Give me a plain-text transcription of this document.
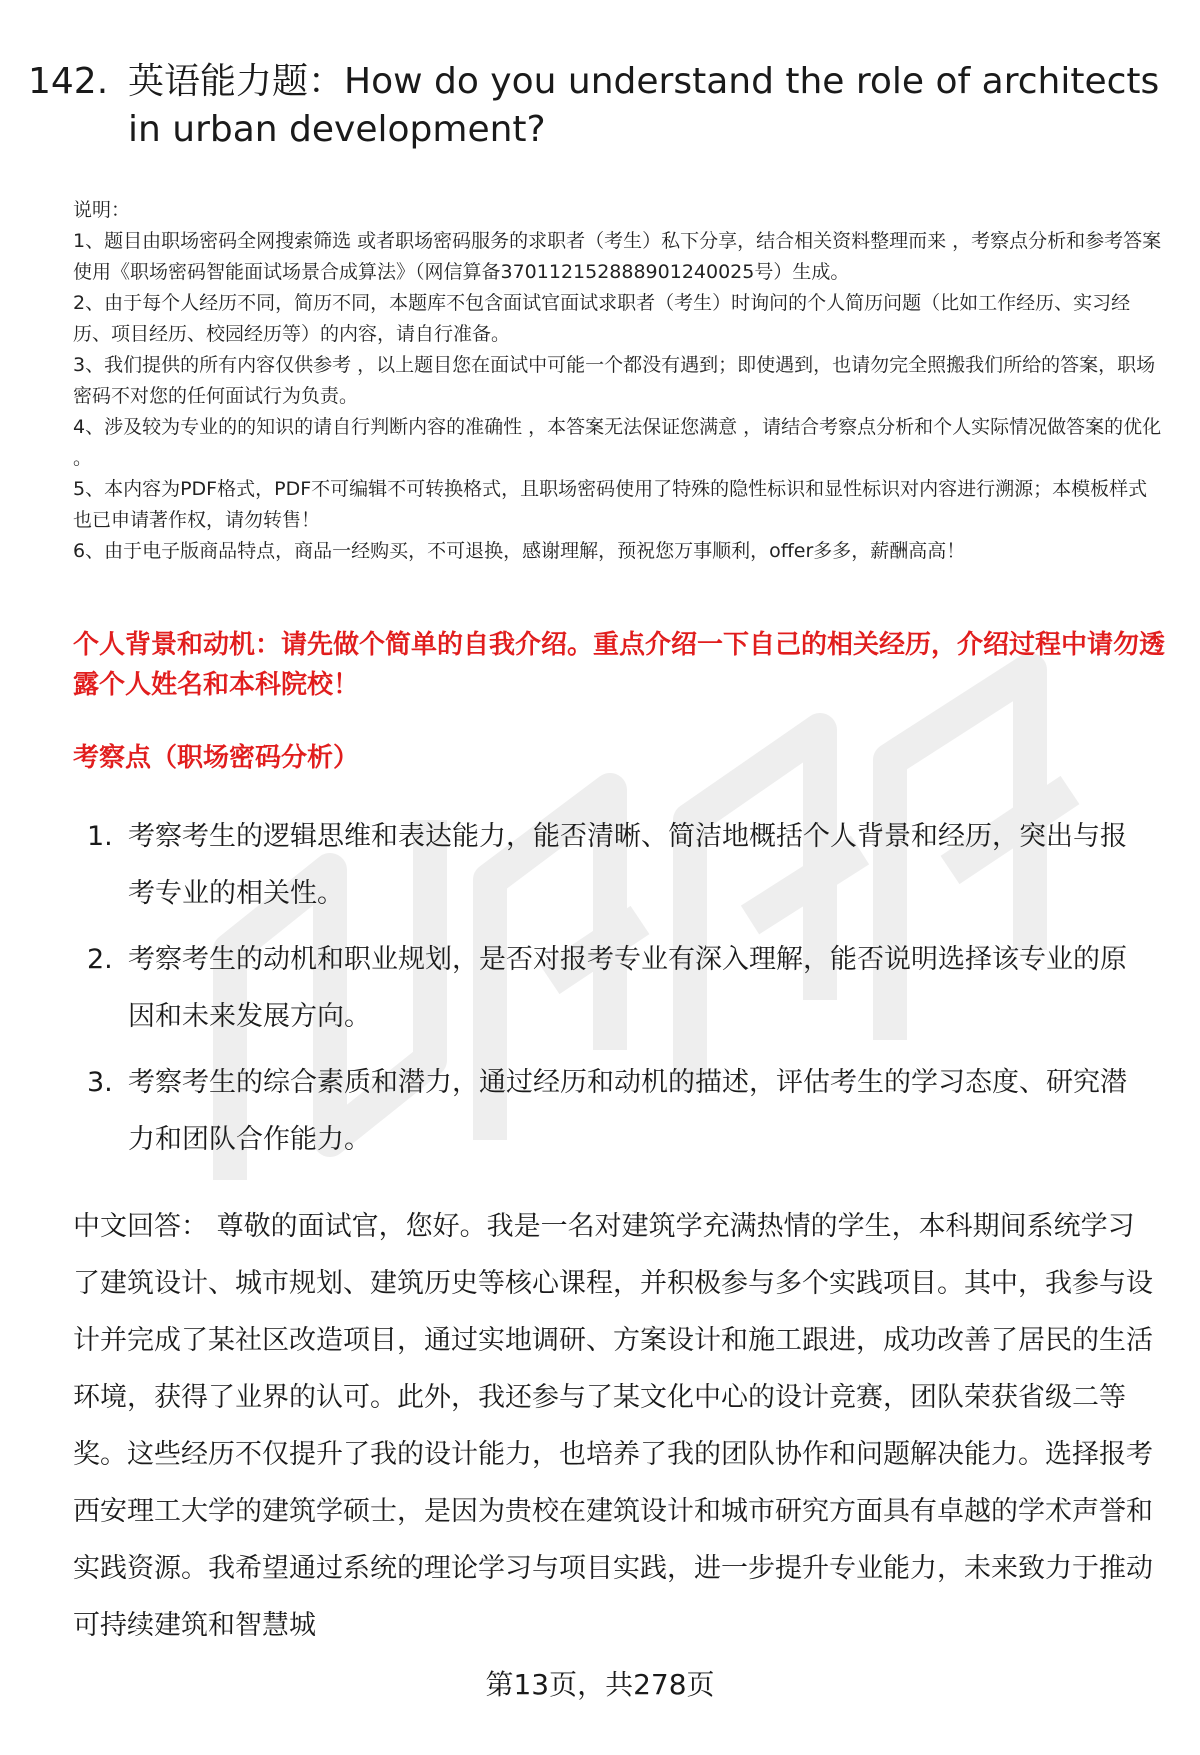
142. 英语能力题：How do you understand the role of architects
in urban development?

说明：

1、题目由职场密码全网搜索筛选 或者职场密码服务的求职者（考生）私下分享，结合相关资料整理而来 ，考察点分析和参考答案使用《职场密码智能面试场景合成算法》（网信算备370112152888901240025号）生成。

2、由于每个人经历不同，简历不同，本题库不包含面试官面试求职者（考生）时询问的个人简历问题（比如工作经历、实习经历、项目经历、校园经历等）的内容，请自行准备。

3、我们提供的所有内容仅供参考 ，以上题目您在面试中可能一个都没有遇到；即使遇到，也请勿完全照搬我们所给的答案，职场密码不对您的任何面试行为负责。

4、涉及较为专业的的知识的请自行判断内容的准确性 ，本答案无法保证您满意 ，请结合考察点分析和个人实际情况做答案的优化 。

5、本内容为PDF格式，PDF不可编辑不可转换格式，且职场密码使用了特殊的隐性标识和显性标识对内容进行溯源；本模板样式也已申请著作权，请勿转售！

6、由于电子版商品特点，商品一经购买，不可退换，感谢理解，预祝您万事顺利，offer多多，薪酬高高！

个人背景和动机：请先做个简单的自我介绍。重点介绍一下自己的相关经历，介绍过程中请勿透露个人姓名和本科院校！
考察点（职场密码分析）
1. 考察考生的逻辑思维和表达能力，能否清晰、简洁地概括个人背景和经历，突出与报考专业的相关性。
2. 考察考生的动机和职业规划，是否对报考专业有深入理解，能否说明选择该专业的原因和未来发展方向。
3. 考察考生的综合素质和潜力，通过经历和动机的描述，评估考生的学习态度、研究潜力和团队合作能力。

中文回答： 尊敬的面试官，您好。我是一名对建筑学充满热情的学生，本科期间系统学习了建筑设计、城市规划、建筑历史等核心课程，并积极参与多个实践项目。其中，我参与设计并完成了某社区改造项目，通过实地调研、方案设计和施工跟进，成功改善了居民的生活环境，获得了业界的认可。此外，我还参与了某文化中心的设计竞赛，团队荣获省级二等奖。这些经历不仅提升了我的设计能力，也培养了我的团队协作和问题解决能力。选择报考西安理工大学的建筑学硕士，是因为贵校在建筑设计和城市研究方面具有卓越的学术声誉和实践资源。我希望通过系统的理论学习与项目实践，进一步提升专业能力，未来致力于推动可持续建筑和智慧城

第13页，共278页
